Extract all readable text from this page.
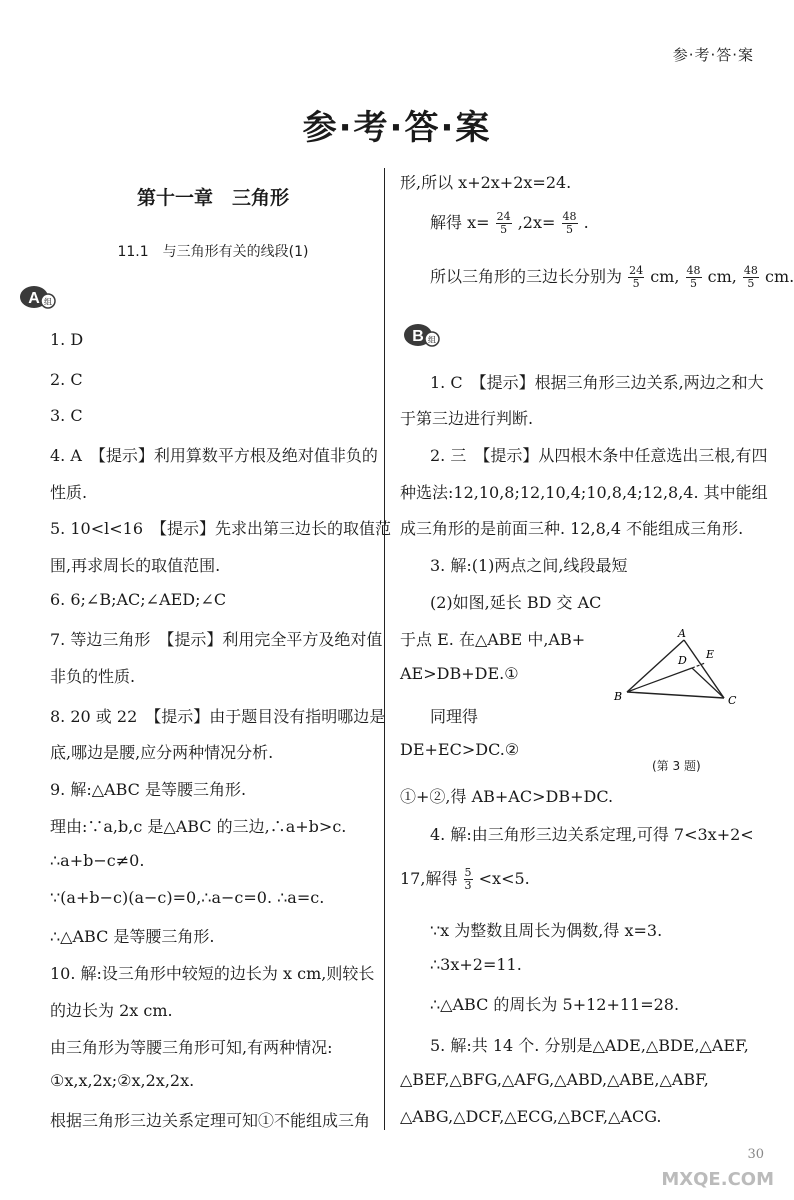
参·考·答·案
参·考·答·案
第十一章　三角形
11.1　与三角形有关的线段(1)
A 组
1. D
2. C
3. C
4. A　【提示】利用算数平方根及绝对值非负的
性质.
5. 10<l<16　【提示】先求出第三边长的取值范
围,再求周长的取值范围.
6. 6;∠B;AC;∠AED;∠C
7. 等边三角形　【提示】利用完全平方及绝对值
非负的性质.
8. 20 或 22　【提示】由于题目没有指明哪边是
底,哪边是腰,应分两种情况分析.
9. 解:△ABC 是等腰三角形.
理由:∵a,b,c 是△ABC 的三边,∴a+b>c.
∴a+b−c≠0.
∵(a+b−c)(a−c)=0,∴a−c=0. ∴a=c.
∴△ABC 是等腰三角形.
10. 解:设三角形中较短的边长为 x cm,则较长
的边长为 2x cm.
由三角形为等腰三角形可知,有两种情况:
①x,x,2x;②x,2x,2x.
根据三角形三边关系定理可知①不能组成三角
形,所以 x+2x+2x=24.
解得 $x= \frac{24}{5} ,2x= \frac{48}{5}$ .
所以三角形的三边长分别为 $\frac{24}{5}$ cm, $\frac{48}{5}$ cm, $\frac{48}{5}$ cm.
B 组
1. C　【提示】根据三角形三边关系,两边之和大
于第三边进行判断.
2. 三　【提示】从四根木条中任意选出三根,有四
种选法:12,10,8;12,10,4;10,8,4;12,8,4. 其中能组
成三角形的是前面三种. 12,8,4 不能组成三角形.
3. 解:(1)两点之间,线段最短
(2)如图,延长 BD 交 AC
于点 E. 在△ABE 中,AB+
AE>DB+DE.①
同理得
DE+EC>DC.②
①+②,得 AB+AC>DB+DC.
4. 解:由三角形三边关系定理,可得 7<3x+2<
17,解得 $\frac{5}{3} <x<5$.
∵x 为整数且周长为偶数,得 x=3.
∴3x+2=11.
∴△ABC 的周长为 5+12+11=28.
5. 解:共 14 个. 分别是△ADE,△BDE,△AEF,
△BEF,△BFG,△AFG,△ABD,△ABE,△ABF,
△ABG,△DCF,△ECG,△BCF,△ACG.
A
B	C
D E
(第 3 题)
MXQE.COM
30
